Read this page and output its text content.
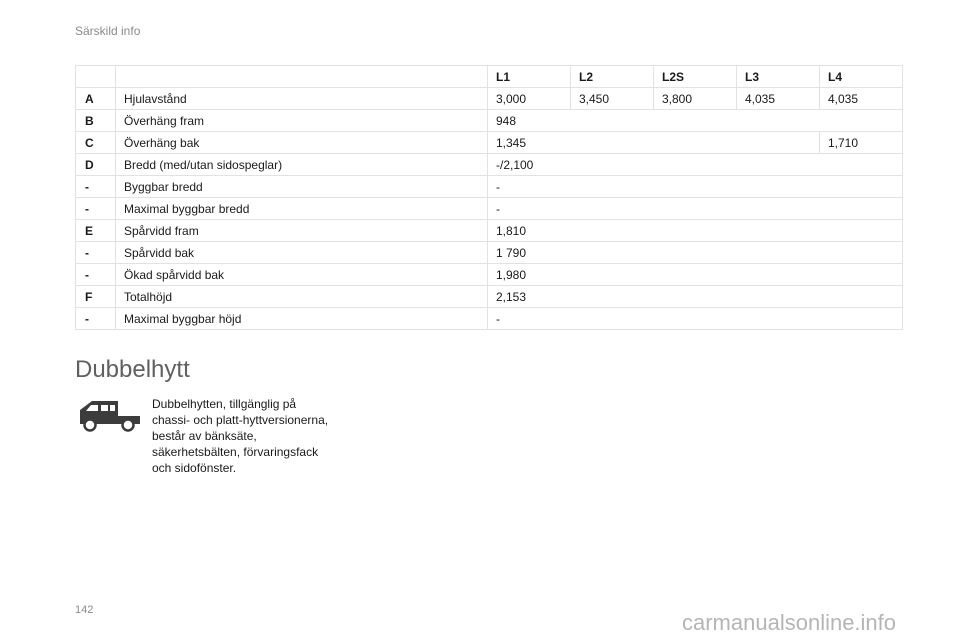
Särskild info
		L1	L2	L2S	L3	L4
A	Hjulavstånd	3,000	3,450	3,800	4,035	4,035
B	Överhäng fram	948				
C	Överhäng bak	1,345				1,710
D	Bredd (med/utan sidospeglar)	-/2,100				
-	Byggbar bredd	-				
-	Maximal byggbar bredd	-				
E	Spårvidd fram	1,810				
-	Spårvidd bak	1 790				
-	Ökad spårvidd bak	1,980				
F	Totalhöjd	2,153				
-	Maximal byggbar höjd	-				
Dubbelhytt
Dubbelhytten, tillgänglig på
chassi- och platt-hyttversionerna,
består av bänksäte,
säkerhetsbälten, förvaringsfack
och sidofönster.
142	carmanualsonline.info
